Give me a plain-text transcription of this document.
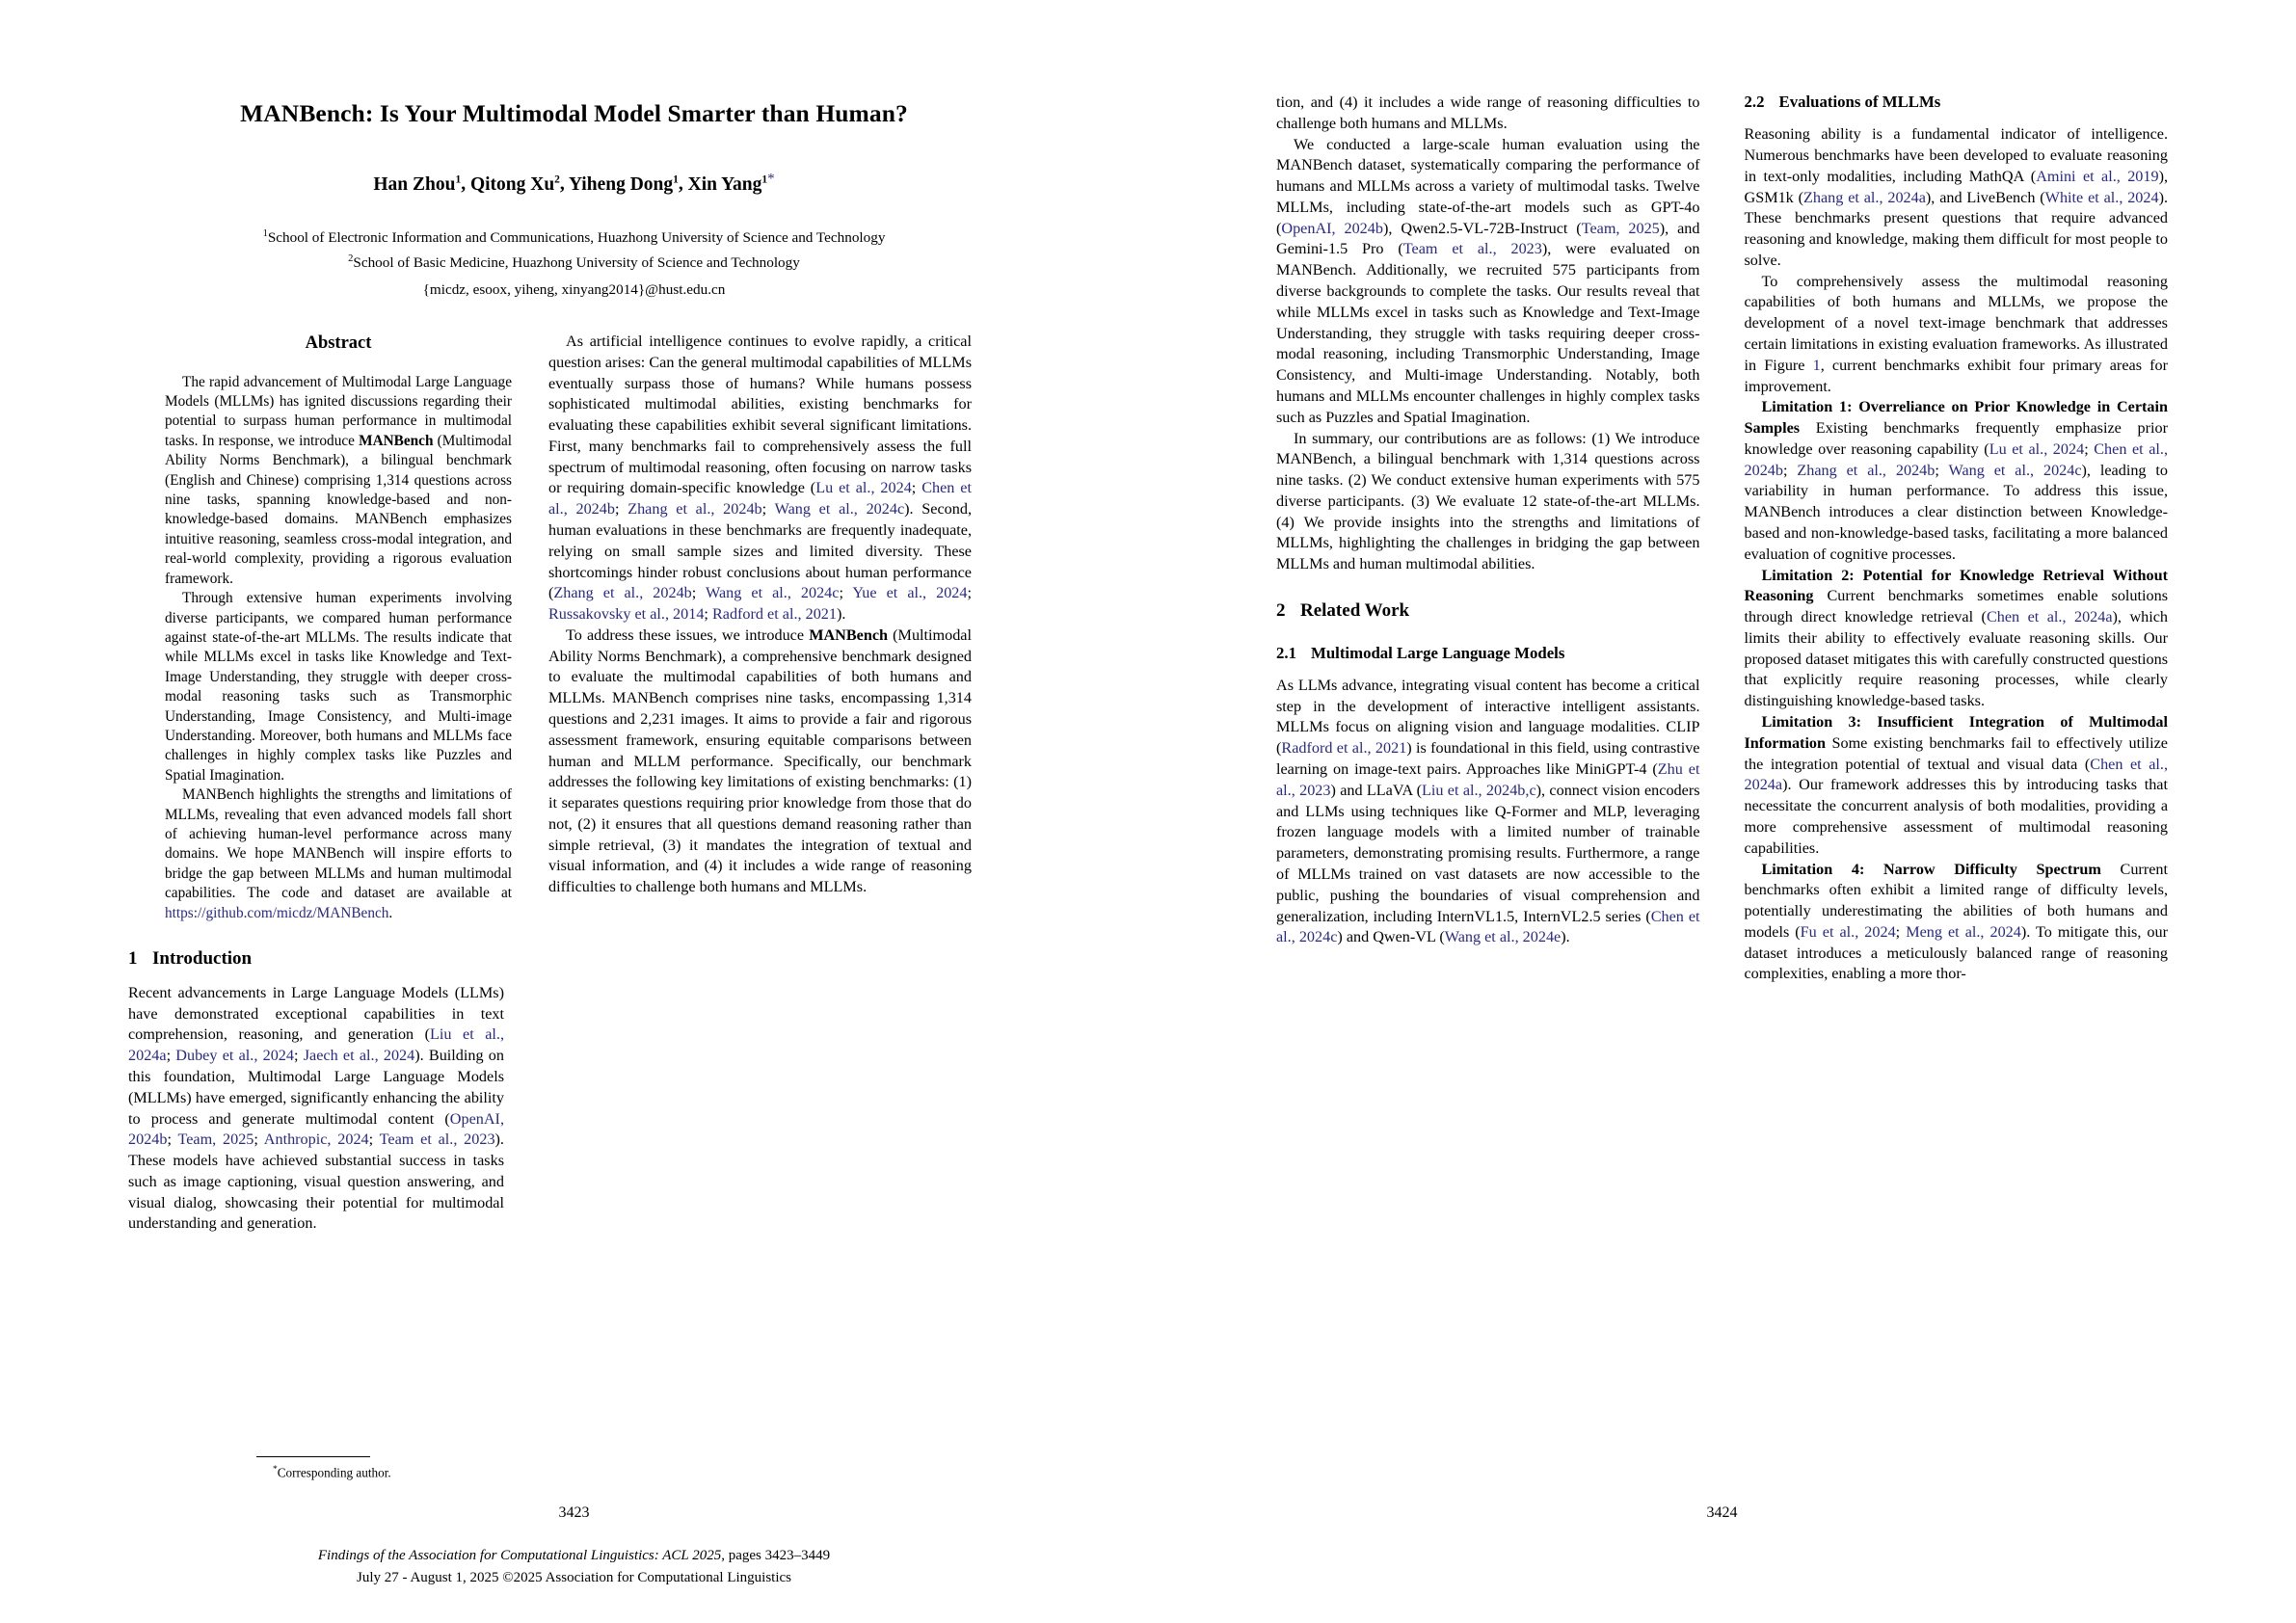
MANBench: Is Your Multimodal Model Smarter than Human?
Han Zhou$^1$, Qitong Xu$^2$, Yiheng Dong$^1$, Xin Yang$^{1*}$
$^1$School of Electronic Information and Communications, Huazhong University of Science and Technology
$^2$School of Basic Medicine, Huazhong University of Science and Technology
{micdz, esoox, yiheng, xinyang2014}@hust.edu.cn
Abstract

The rapid advancement of Multimodal Large Language Models (MLLMs) has ignited discussions regarding their potential to surpass human performance in multimodal tasks. In response, we introduce MANBench (Multimodal Ability Norms Benchmark), a bilingual benchmark (English and Chinese) comprising 1,314 questions across nine tasks, spanning knowledge-based and non-knowledge-based domains. MANBench emphasizes intuitive reasoning, seamless cross-modal integration, and real-world complexity, providing a rigorous evaluation framework.

Through extensive human experiments involving diverse participants, we compared human performance against state-of-the-art MLLMs. The results indicate that while MLLMs excel in tasks like Knowledge and Text-Image Understanding, they struggle with deeper cross-modal reasoning tasks such as Transmorphic Understanding, Image Consistency, and Multi-image Understanding. Moreover, both humans and MLLMs face challenges in highly complex tasks like Puzzles and Spatial Imagination.

MANBench highlights the strengths and limitations of MLLMs, revealing that even advanced models fall short of achieving human-level performance across many domains. We hope MANBench will inspire efforts to bridge the gap between MLLMs and human multimodal capabilities. The code and dataset are available at https://github.com/micdz/MANBench.

1 Introduction

Recent advancements in Large Language Models (LLMs) have demonstrated exceptional capabilities in text comprehension, reasoning, and generation (Liu et al., 2024a; Dubey et al., 2024; Jaech et al., 2024). Building on this foundation, Multimodal Large Language Models (MLLMs) have emerged, significantly enhancing the ability to process and generate multimodal content (OpenAI, 2024b; Team, 2025; Anthropic, 2024; Team et al., 2023). These models have achieved substantial success in tasks such as image captioning, visual question answering, and visual dialog, showcasing their potential for multimodal understanding and generation.

As artificial intelligence continues to evolve rapidly, a critical question arises: Can the general multimodal capabilities of MLLMs eventually surpass those of humans? While humans possess sophisticated multimodal abilities, existing benchmarks for evaluating these capabilities exhibit several significant limitations. First, many benchmarks fail to comprehensively assess the full spectrum of multimodal reasoning, often focusing on narrow tasks or requiring domain-specific knowledge (Lu et al., 2024; Chen et al., 2024b; Zhang et al., 2024b; Wang et al., 2024c). Second, human evaluations in these benchmarks are frequently inadequate, relying on small sample sizes and limited diversity. These shortcomings hinder robust conclusions about human performance (Zhang et al., 2024b; Wang et al., 2024c; Yue et al., 2024; Russakovsky et al., 2014; Radford et al., 2021).

To address these issues, we introduce MANBench (Multimodal Ability Norms Benchmark), a comprehensive benchmark designed to evaluate the multimodal capabilities of both humans and MLLMs. MANBench comprises nine tasks, encompassing 1,314 questions and 2,231 images. It aims to provide a fair and rigorous assessment framework, ensuring equitable comparisons between human and MLLM performance. Specifically, our benchmark addresses the following key limitations of existing benchmarks: (1) it separates questions requiring prior knowledge from those that do not, (2) it ensures that all questions demand reasoning rather than simple retrieval, (3) it mandates the integration of textual and visual information, and (4) it includes a wide range of reasoning difficulties to challenge both humans and MLLMs.

*Corresponding author.
3423
Findings of the Association for Computational Linguistics: ACL 2025, pages 3423–3449
July 27 - August 1, 2025 ©2025 Association for Computational Linguistics

tion, and (4) it includes a wide range of reasoning difficulties to challenge both humans and MLLMs.

We conducted a large-scale human evaluation using the MANBench dataset, systematically comparing the performance of humans and MLLMs across a variety of multimodal tasks. Twelve MLLMs, including state-of-the-art models such as GPT-4o (OpenAI, 2024b), Qwen2.5-VL-72B-Instruct (Team, 2025), and Gemini-1.5 Pro (Team et al., 2023), were evaluated on MANBench. Additionally, we recruited 575 participants from diverse backgrounds to complete the tasks. Our results reveal that while MLLMs excel in tasks such as Knowledge and Text-Image Understanding, they struggle with tasks requiring deeper cross-modal reasoning, including Transmorphic Understanding, Image Consistency, and Multi-image Understanding. Notably, both humans and MLLMs encounter challenges in highly complex tasks such as Puzzles and Spatial Imagination.

In summary, our contributions are as follows: (1) We introduce MANBench, a bilingual benchmark with 1,314 questions across nine tasks. (2) We conduct extensive human experiments with 575 diverse participants. (3) We evaluate 12 state-of-the-art MLLMs. (4) We provide insights into the strengths and limitations of MLLMs, highlighting the challenges in bridging the gap between MLLMs and human multimodal abilities.

2 Related Work
2.1 Multimodal Large Language Models

As LLMs advance, integrating visual content has become a critical step in the development of interactive intelligent assistants. MLLMs focus on aligning vision and language modalities. CLIP (Radford et al., 2021) is foundational in this field, using contrastive learning on image-text pairs. Approaches like MiniGPT-4 (Zhu et al., 2023) and LLaVA (Liu et al., 2024b,c), connect vision encoders and LLMs using techniques like Q-Former and MLP, leveraging frozen language models with a limited number of trainable parameters, demonstrating promising results. Furthermore, a range of MLLMs trained on vast datasets are now accessible to the public, pushing the boundaries of visual comprehension and generalization, including InternVL1.5, InternVL2.5 series (Chen et al., 2024c) and Qwen-VL (Wang et al., 2024e).

2.2 Evaluations of MLLMs

Reasoning ability is a fundamental indicator of intelligence. Numerous benchmarks have been developed to evaluate reasoning in text-only modalities, including MathQA (Amini et al., 2019), GSM1k (Zhang et al., 2024a), and LiveBench (White et al., 2024). These benchmarks present questions that require advanced reasoning and knowledge, making them difficult for most people to solve.

To comprehensively assess the multimodal reasoning capabilities of both humans and MLLMs, we propose the development of a novel text-image benchmark that addresses certain limitations in existing evaluation frameworks. As illustrated in Figure 1, current benchmarks exhibit four primary areas for improvement.

Limitation 1: Overreliance on Prior Knowledge in Certain Samples Existing benchmarks frequently emphasize prior knowledge over reasoning capability (Lu et al., 2024; Chen et al., 2024b; Zhang et al., 2024b; Wang et al., 2024c), leading to variability in human performance. To address this issue, MANBench introduces a clear distinction between Knowledge-based and non-knowledge-based tasks, facilitating a more balanced evaluation of cognitive processes.

Limitation 2: Potential for Knowledge Retrieval Without Reasoning Current benchmarks sometimes enable solutions through direct knowledge retrieval (Chen et al., 2024a), which limits their ability to effectively evaluate reasoning skills. Our proposed dataset mitigates this with carefully constructed questions that explicitly require reasoning processes, while clearly distinguishing knowledge-based tasks.

Limitation 3: Insufficient Integration of Multimodal Information Some existing benchmarks fail to effectively utilize the integration potential of textual and visual data (Chen et al., 2024a). Our framework addresses this by introducing tasks that necessitate the concurrent analysis of both modalities, providing a more comprehensive assessment of multimodal reasoning capabilities.

Limitation 4: Narrow Difficulty Spectrum Current benchmarks often exhibit a limited range of difficulty levels, potentially underestimating the abilities of both humans and models (Fu et al., 2024; Meng et al., 2024). To mitigate this, our dataset introduces a meticulously balanced range of reasoning complexities, enabling a more thor-

3424
